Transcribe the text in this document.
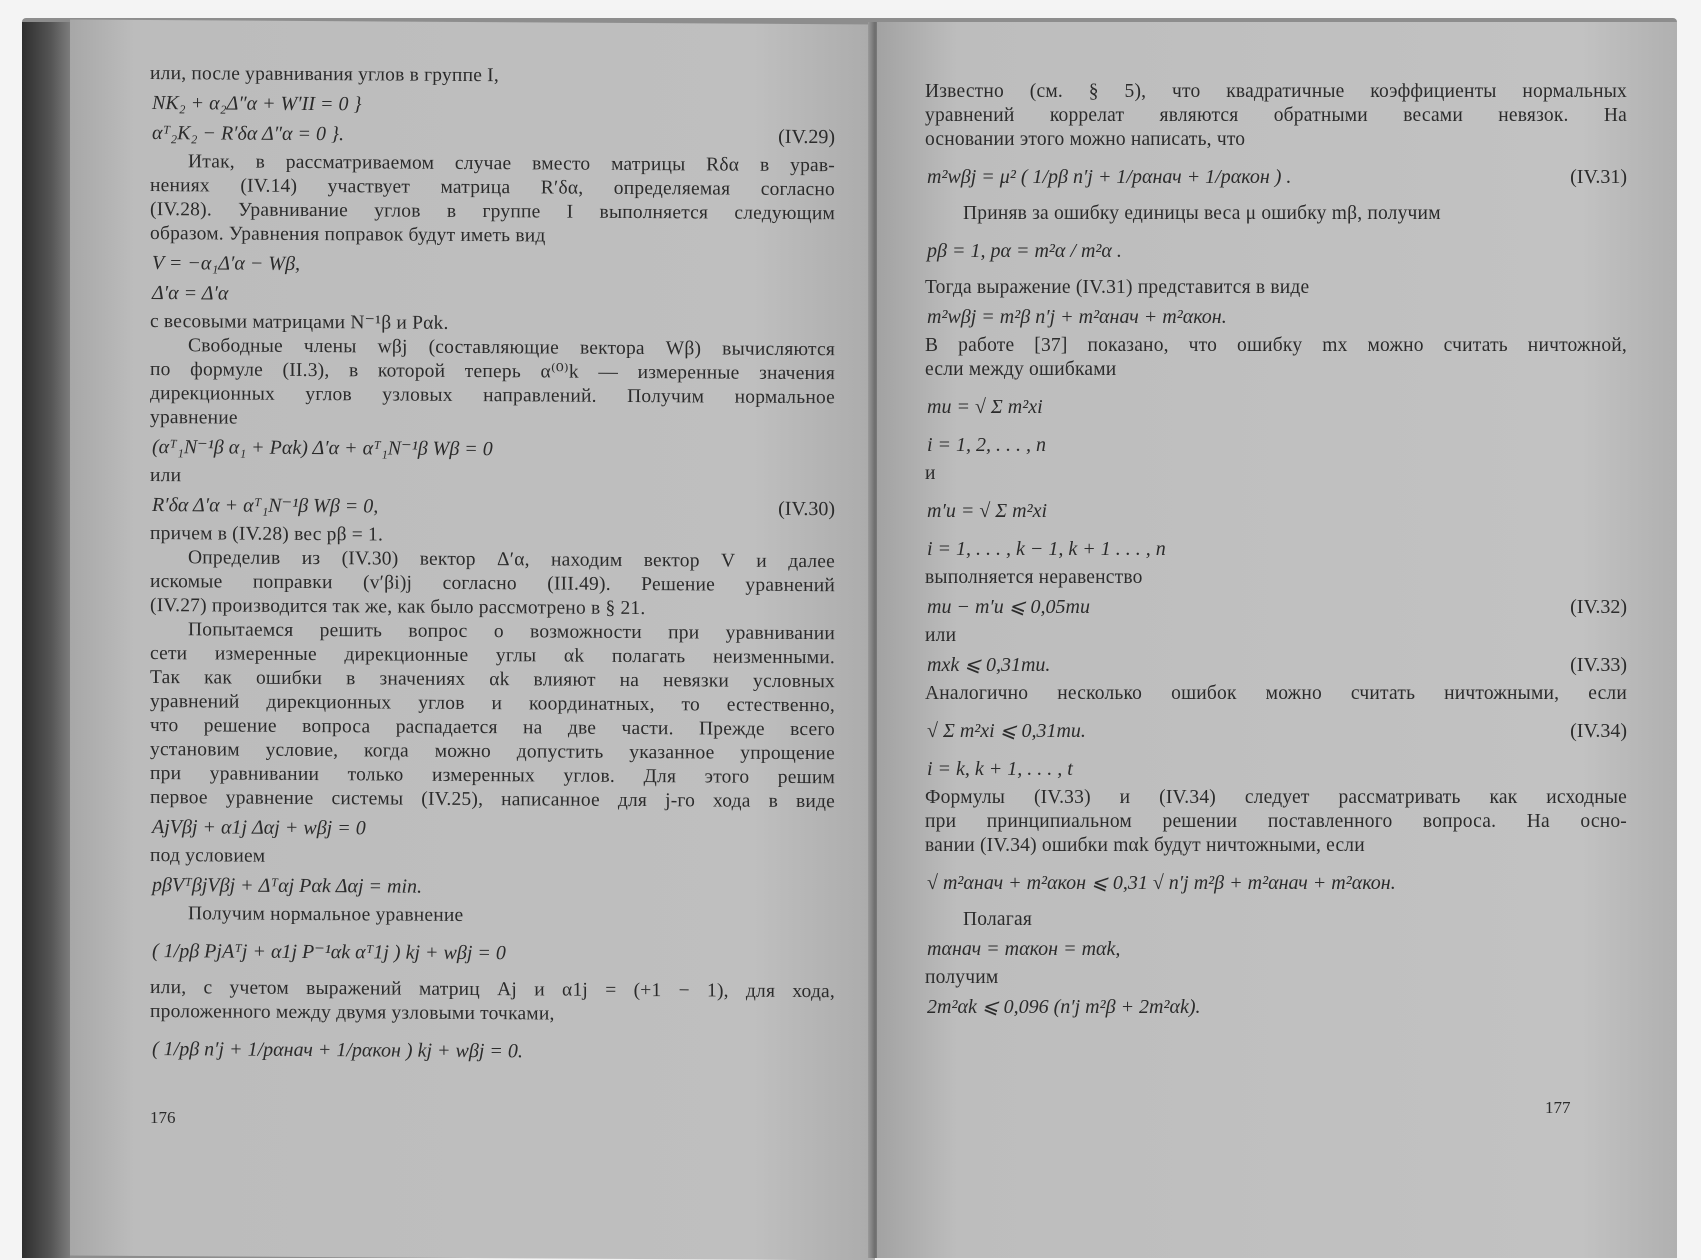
или, после уравнивания углов в группе I,
NK₂ + α₂Δ″α + W′II = 0 }
αᵀ₂K₂ − R′δα Δ″α = 0 }.	(IV.29)
Итак, в рассматриваемом случае вместо матрицы Rδα в урав-
нениях (IV.14) участвует матрица R′δα, определяемая согласно
(IV.28). Уравнивание углов в группе I выполняется следующим
образом. Уравнения поправок будут иметь вид
V = −α₁Δ′α − Wβ,
Δ′α = Δ′α
с весовыми матрицами N⁻¹β и Pαk.
Свободные члены wβj (составляющие вектора Wβ) вычисляются
по формуле (II.3), в которой теперь α⁽⁰⁾k — измеренные значения
дирекционных углов узловых направлений. Получим нормальное
уравнение
(αᵀ₁N⁻¹β α₁ + Pαk) Δ′α + αᵀ₁N⁻¹β Wβ = 0
или
R′δα Δ′α + αᵀ₁N⁻¹β Wβ = 0,	(IV.30)
причем в (IV.28) вес pβ = 1.
Определив из (IV.30) вектор Δ′α, находим вектор V и далее
искомые поправки (v′βi)j согласно (III.49). Решение уравнений
(IV.27) производится так же, как было рассмотрено в § 21.
Попытаемся решить вопрос о возможности при уравнивании
сети измеренные дирекционные углы αk полагать неизменными.
Так как ошибки в значениях αk влияют на невязки условных
уравнений дирекционных углов и координатных, то естественно,
что решение вопроса распадается на две части. Прежде всего
установим условие, когда можно допустить указанное упрощение
при уравнивании только измеренных углов. Для этого решим
первое уравнение системы (IV.25), написанное для j-го хода в виде
AjVβj + α1j Δαj + wβj = 0
под условием
pβVᵀβjVβj + Δᵀαj Pαk Δαj = min.
Получим нормальное уравнение
( 1/pβ PjAᵀj + α1j P⁻¹αk αᵀ1j ) kj + wβj = 0
или, с учетом выражений матриц Aj и α1j = (+1 − 1), для хода,
проложенного между двумя узловыми точками,
( 1/pβ n′j + 1/pαнач + 1/pαкон ) kj + wβj = 0.
Известно (см. § 5), что квадратичные коэффициенты нормальных
уравнений коррелат являются обратными весами невязок. На
основании этого можно написать, что
m²wβj = μ² ( 1/pβ n′j + 1/pαнач + 1/pαкон ) .	(IV.31)
Приняв за ошибку единицы веса μ ошибку mβ, получим
pβ = 1, pα = m²α / m²α .
Тогда выражение (IV.31) представится в виде
m²wβj = m²β n′j + m²αнач + m²αкон.
В работе [37] показано, что ошибку mx можно считать ничтожной,
если между ошибками
mu = √ Σ m²xi
i = 1, 2, . . . , n
и
m′u = √ Σ m²xi
i = 1, . . . , k − 1, k + 1 . . . , n
выполняется неравенство
mu − m′u ⩽ 0,05mu	(IV.32)
или
mxk ⩽ 0,31mu.	(IV.33)
Аналогично несколько ошибок можно считать ничтожными, если
√ Σ m²xi ⩽ 0,31mu.	(IV.34)
i = k, k + 1, . . . , t
Формулы (IV.33) и (IV.34) следует рассматривать как исходные
при принципиальном решении поставленного вопроса. На осно-
вании (IV.34) ошибки mαk будут ничтожными, если
√ m²αнач + m²αкон ⩽ 0,31 √ n′j m²β + m²αнач + m²αкон.
Полагая
mαнач = mαкон = mαk,
получим
2m²αk ⩽ 0,096 (n′j m²β + 2m²αk).
176
177
